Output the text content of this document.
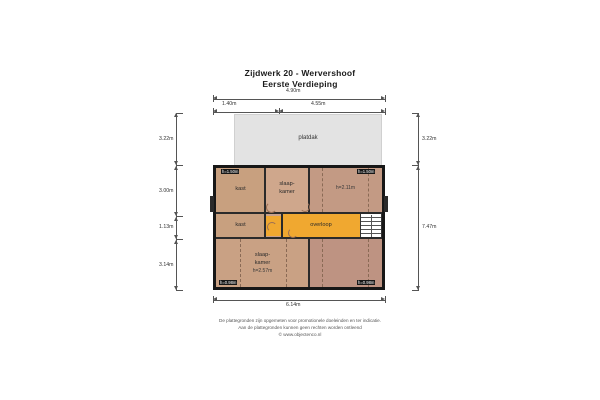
Zijdwerk 20 - Wervershoof
Eerste Verdieping
4.90m
1.40m	4.55m
3.22m
3.00m
1.13m
3.14m
3.22m
7.47m
6.14m
platdak
kast
slaap-
kamer
h=2.11m
kast	overloop
slaap-
kamer
h=2.57m
h=1.50m	h=1.50m
h=0.98m	h=0.98m
De plattegronden zijn opgemeten voor promotionele doeleinden en ter indicatie.
Aan de plattegronden kunnen geen rechten worden ontleend
© www.objectenco.nl
